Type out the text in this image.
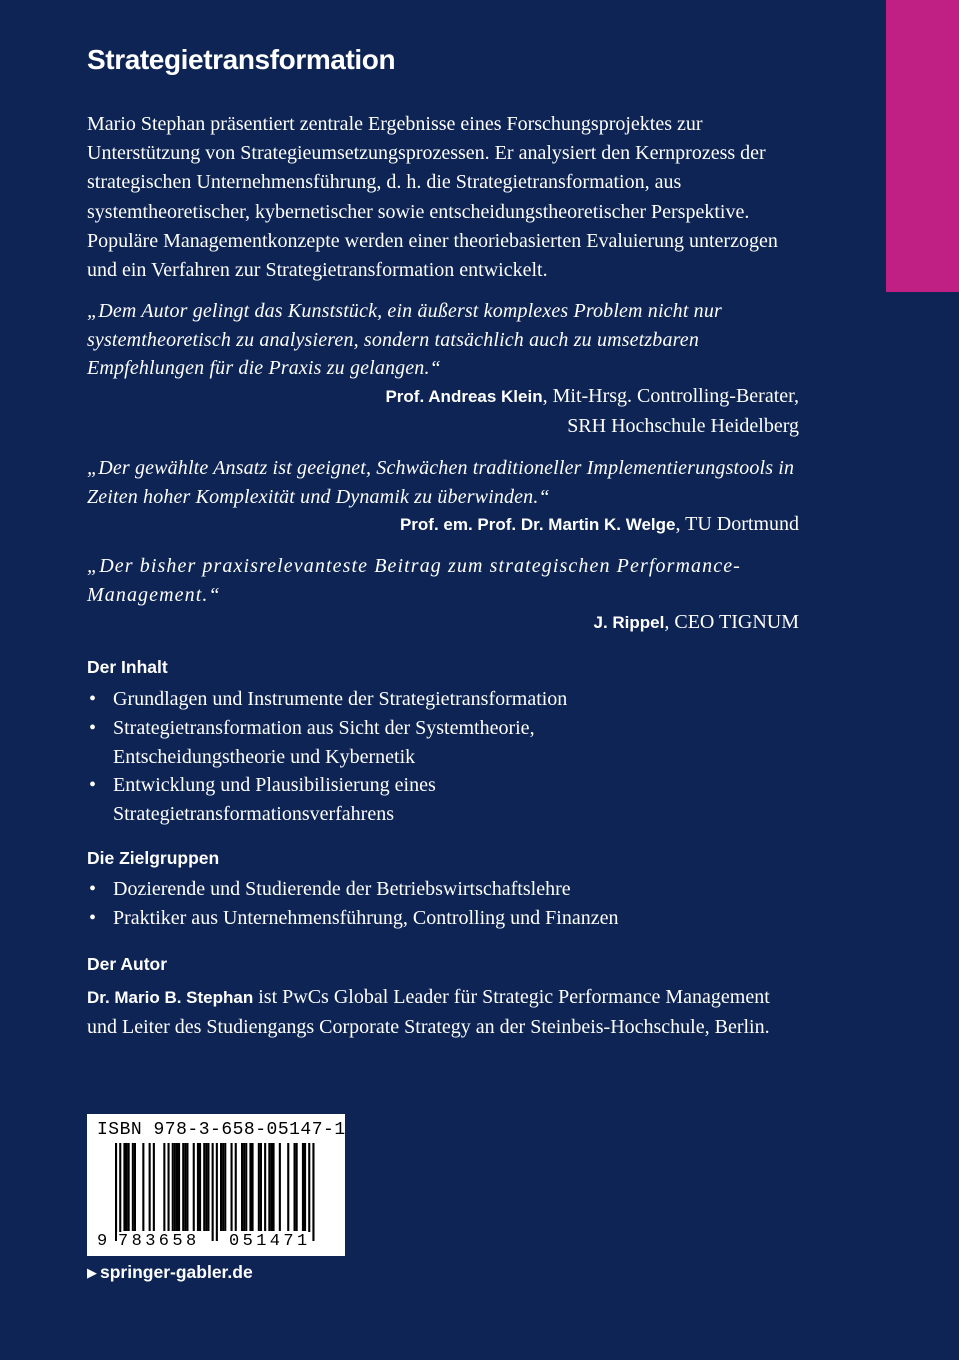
Strategietransformation

Mario Stephan präsentiert zentrale Ergebnisse eines Forschungsprojektes zur Unterstützung von Strategieumsetzungsprozessen. Er analysiert den Kernprozess der strategischen Unternehmensführung, d. h. die Strategietransformation, aus systemtheoretischer, kybernetischer sowie entscheidungstheoretischer Perspektive. Populäre Managementkonzepte werden einer theoriebasierten Evaluierung unterzogen und ein Verfahren zur Strategietransformation entwickelt.

„Dem Autor gelingt das Kunststück, ein äußerst komplexes Problem nicht nur systemtheoretisch zu analysieren, sondern tatsächlich auch zu umsetzbaren Empfehlungen für die Praxis zu gelangen.“

Prof. Andreas Klein, Mit-Hrsg. Controlling-Berater,
SRH Hochschule Heidelberg

„Der gewählte Ansatz ist geeignet, Schwächen traditioneller Implementierungstools in Zeiten hoher Komplexität und Dynamik zu überwinden.“

Prof. em. Prof. Dr. Martin K. Welge, TU Dortmund

„Der bisher praxisrelevanteste Beitrag zum strategischen Performance-Management.“

J. Rippel, CEO TIGNUM
Der Inhalt
• Grundlagen und Instrumente der Strategietransformation
• Strategietransformation aus Sicht der Systemtheorie, Entscheidungstheorie und Kybernetik
• Entwicklung und Plausibilisierung eines Strategietransformationsverfahrens
Die Zielgruppen
• Dozierende und Studierende der Betriebswirtschaftslehre
• Praktiker aus Unternehmensführung, Controlling und Finanzen
Der Autor

Dr. Mario B. Stephan ist PwCs Global Leader für Strategic Performance Management und Leiter des Studiengangs Corporate Strategy an der Steinbeis-Hochschule, Berlin.

ISBN 978-3-658-05147-1
9 783658 051471
▶ springer-gabler.de
